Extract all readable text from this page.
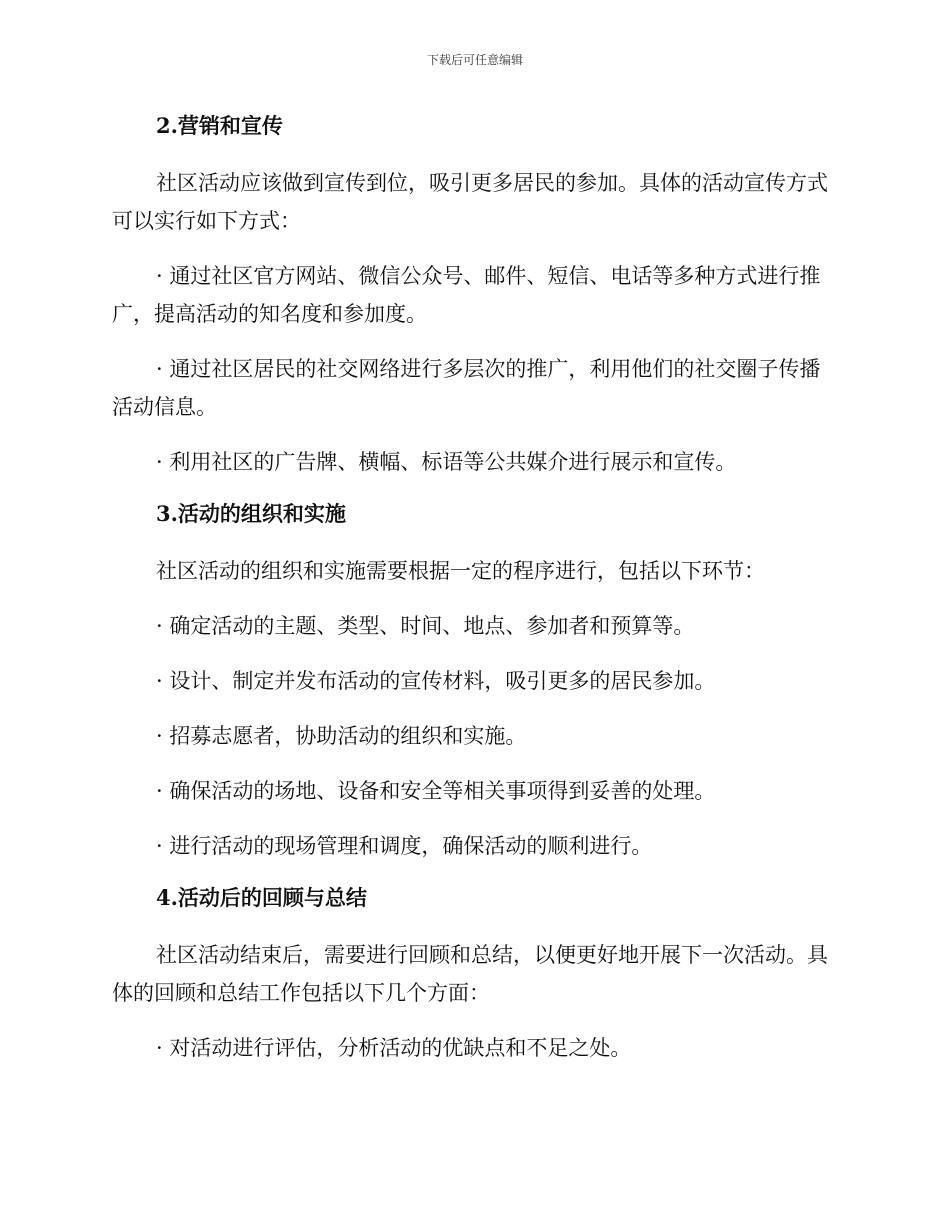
下载后可任意编辑
2.营销和宣传
社区活动应该做到宣传到位，吸引更多居民的参加。具体的活动宣传方式可以实行如下方式：
· 通过社区官方网站、微信公众号、邮件、短信、电话等多种方式进行推广，提高活动的知名度和参加度。
· 通过社区居民的社交网络进行多层次的推广，利用他们的社交圈子传播活动信息。
· 利用社区的广告牌、横幅、标语等公共媒介进行展示和宣传。
3.活动的组织和实施
社区活动的组织和实施需要根据一定的程序进行，包括以下环节：
· 确定活动的主题、类型、时间、地点、参加者和预算等。
· 设计、制定并发布活动的宣传材料，吸引更多的居民参加。
· 招募志愿者，协助活动的组织和实施。
· 确保活动的场地、设备和安全等相关事项得到妥善的处理。
· 进行活动的现场管理和调度，确保活动的顺利进行。
4.活动后的回顾与总结
社区活动结束后，需要进行回顾和总结，以便更好地开展下一次活动。具体的回顾和总结工作包括以下几个方面：
· 对活动进行评估，分析活动的优缺点和不足之处。
